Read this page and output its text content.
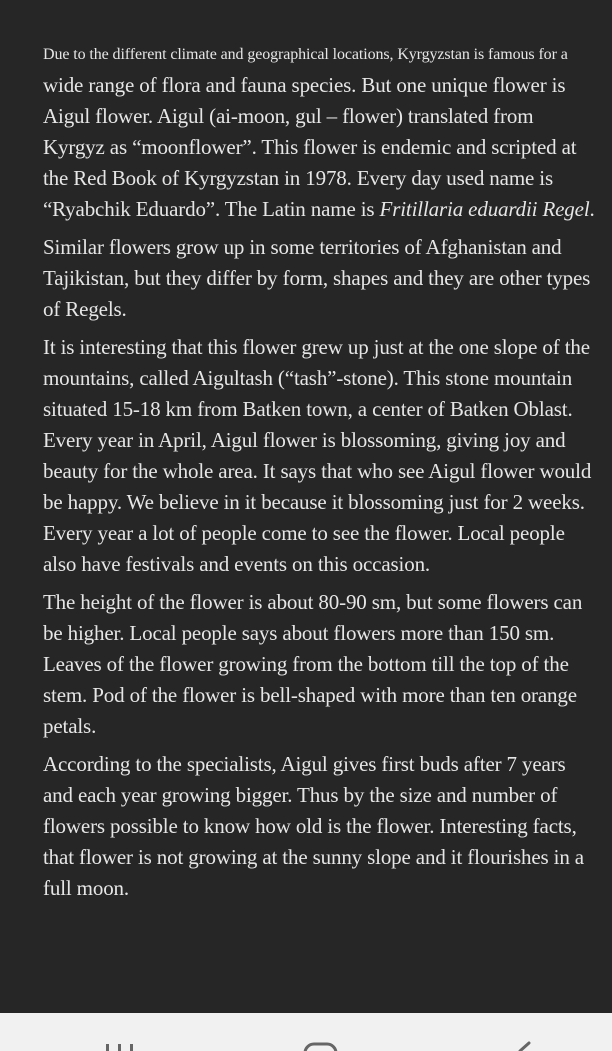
Due to the different climate and geographical locations, Kyrgyzstan is famous for a wide range of flora and fauna species. But one unique flower is Aigul flower. Aigul (ai-moon, gul – flower) translated from Kyrgyz as “moonflower”. This flower is endemic and scripted at the Red Book of Kyrgyzstan in 1978. Every day used name is “Ryabchik Eduardo”. The Latin name is Fritillaria eduardii Regel.

Similar flowers grow up in some territories of Afghanistan and Tajikistan, but they differ by form, shapes and they are other types of Regels.

It is interesting that this flower grew up just at the one slope of the mountains, called Aigultash (“tash”-stone). This stone mountain situated 15-18 km from Batken town, a center of Batken Oblast. Every year in April, Aigul flower is blossoming, giving joy and beauty for the whole area. It says that who see Aigul flower would be happy. We believe in it because it blossoming just for 2 weeks. Every year a lot of people come to see the flower. Local people also have festivals and events on this occasion.

The height of the flower is about 80-90 sm, but some flowers can be higher. Local people says about flowers more than 150 sm. Leaves of the flower growing from the bottom till the top of the stem. Pod of the flower is bell-shaped with more than ten orange petals.

According to the specialists, Aigul gives first buds after 7 years and each year growing bigger. Thus by the size and number of flowers possible to know how old is the flower. Interesting facts, that flower is not growing at the sunny slope and it flourishes in a full moon.
